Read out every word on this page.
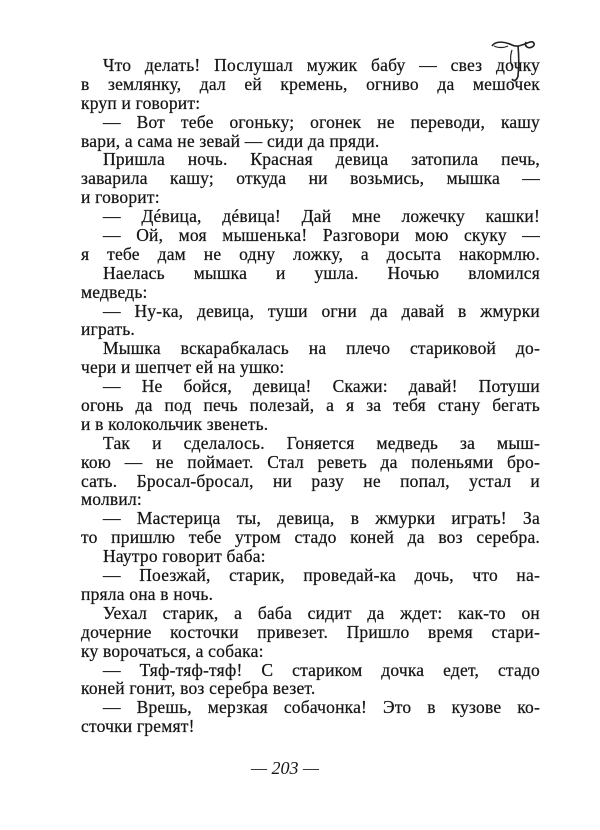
Что делать! Послушал мужик бабу — свез дочку
в землянку, дал ей кремень, огниво да мешочек
круп и говорит:
— Вот тебе огоньку; огонек не переводи, кашу
вари, а сама не зевай — сиди да пряди.
Пришла ночь. Красная девица затопила печь,
заварила кашу; откуда ни возьмись, мышка —
и говорит:
— Дéвица, дéвица! Дай мне ложечку кашки!
— Ой, моя мышенька! Разговори мою скуку —
я тебе дам не одну ложку, а досыта накормлю.
Наелась мышка и ушла. Ночью вломился
медведь:
— Ну-ка, девица, туши огни да давай в жмурки
играть.
Мышка вскарабкалась на плечо стариковой до-
чери и шепчет ей на ушко:
— Не бойся, девица! Скажи: давай! Потуши
огонь да под печь полезай, а я за тебя стану бегать
и в колокольчик звенеть.
Так и сделалось. Гоняется медведь за мыш-
кою — не поймает. Стал реветь да поленьями бро-
сать. Бросал-бросал, ни разу не попал, устал и
молвил:
— Мастерица ты, девица, в жмурки играть! За
то пришлю тебе утром стадо коней да воз серебра.
Наутро говорит баба:
— Поезжай, старик, проведай-ка дочь, что на-
пряла она в ночь.
Уехал старик, а баба сидит да ждет: как-то он
дочерние косточки привезет. Пришло время стари-
ку ворочаться, а собака:
— Тяф-тяф-тяф! С стариком дочка едет, стадо
коней гонит, воз серебра везет.
— Врешь, мерзкая собачонка! Это в кузове ко-
сточки гремят!
— 203 —
